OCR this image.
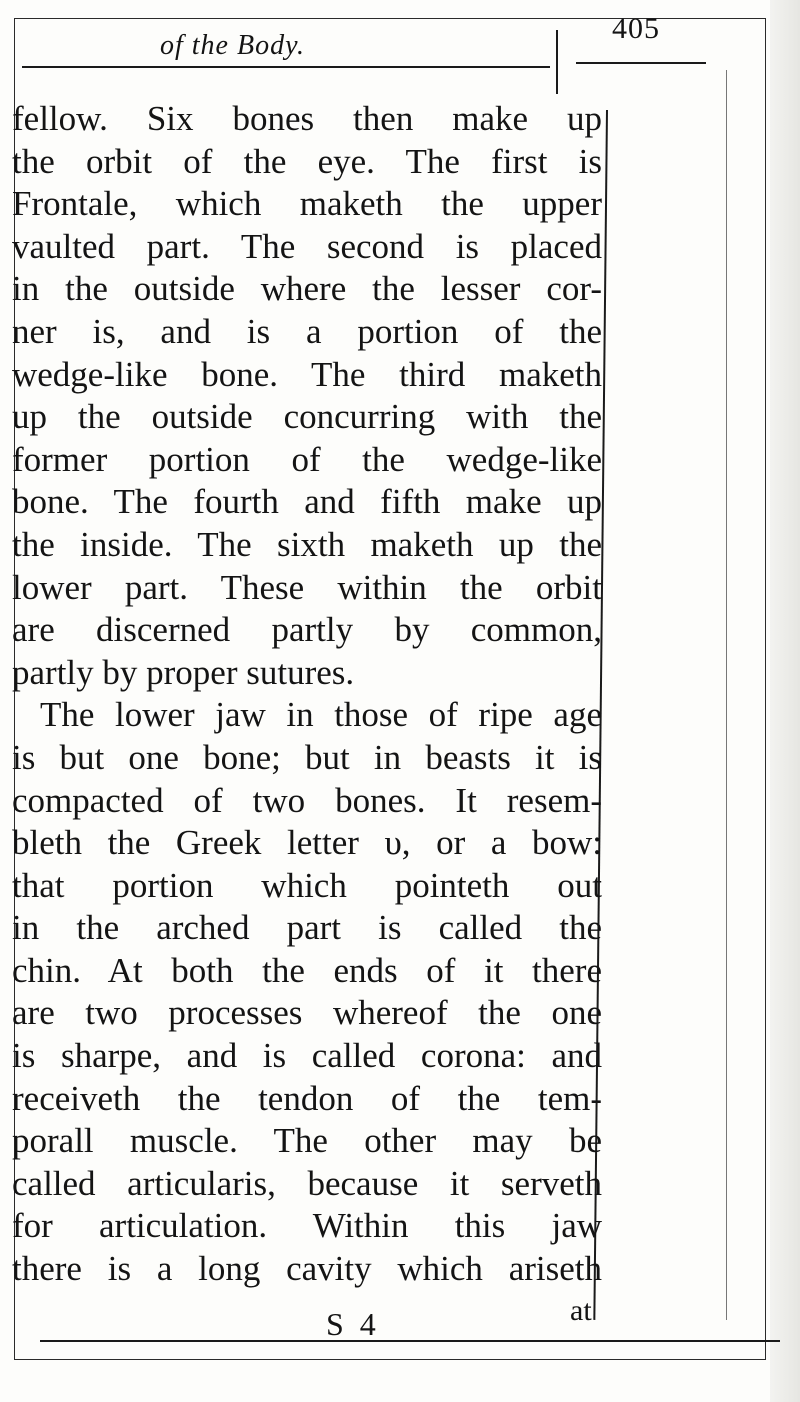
of the Body.
405
fellow. Six bones then make up
the orbit of the eye. The first is
Frontale, which maketh the upper
vaulted part. The second is placed
in the outside where the lesser cor-
ner is, and is a portion of the
wedge-like bone. The third maketh
up the outside concurring with the
former portion of the wedge-like
bone. The fourth and fifth make up
the inside. The sixth maketh up the
lower part. These within the orbit
are discerned partly by common,
partly by proper sutures.
The lower jaw in those of ripe age
is but one bone; but in beasts it is
compacted of two bones. It resem-
bleth the Greek letter υ, or a bow:
that portion which pointeth out
in the arched part is called the
chin. At both the ends of it there
are two processes whereof the one
is sharpe, and is called corona: and
receiveth the tendon of the tem-
porall muscle. The other may be
called articularis, because it serveth
for articulation. Within this jaw
there is a long cavity which ariseth
S 4	at
